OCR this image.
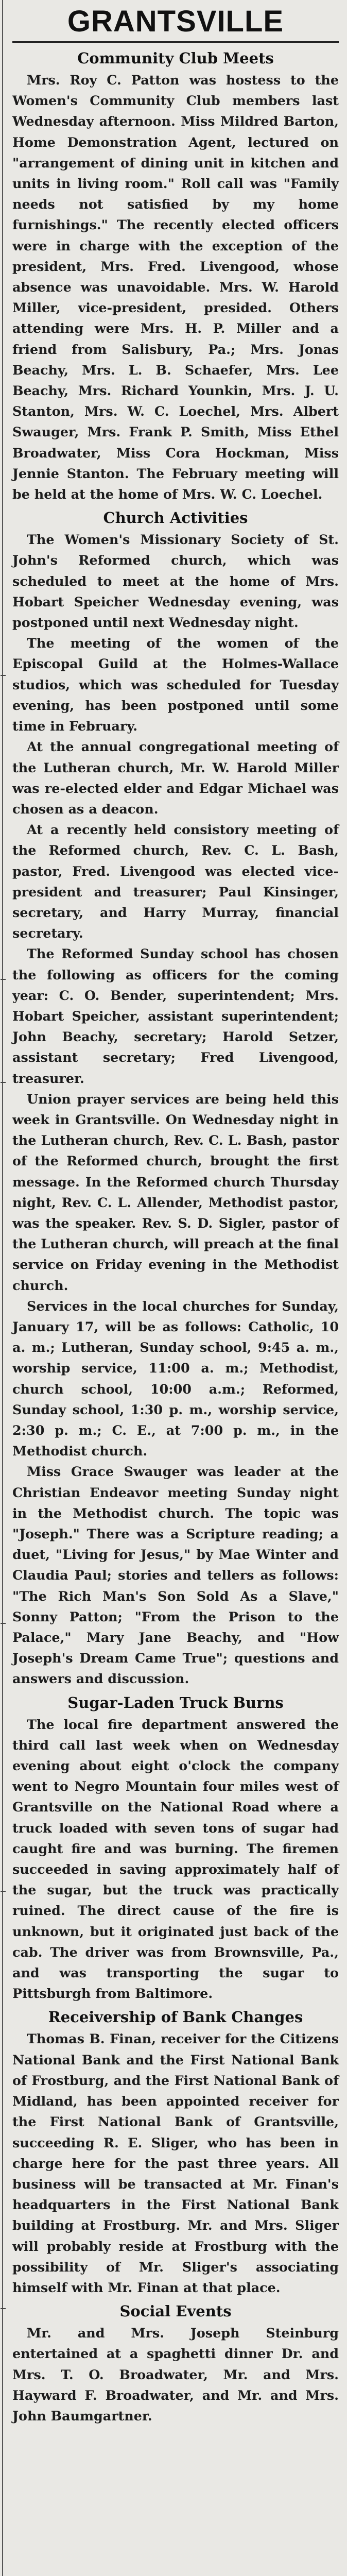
GRANTSVILLE
Community Club Meets

Mrs. Roy C. Patton was hostess to the Women's Community Club members last Wednesday afternoon. Miss Mildred Barton, Home Demonstration Agent, lectured on "arrangement of dining unit in kitchen and units in living room." Roll call was "Family needs not satisfied by my home furnishings." The recently elected officers were in charge with the exception of the president, Mrs. Fred. Livengood, whose absence was unavoidable. Mrs. W. Harold Miller, vice-president, presided. Others attending were Mrs. H. P. Miller and a friend from Salisbury, Pa.; Mrs. Jonas Beachy, Mrs. L. B. Schaefer, Mrs. Lee Beachy, Mrs. Richard Younkin, Mrs. J. U. Stanton, Mrs. W. C. Loechel, Mrs. Albert Swauger, Mrs. Frank P. Smith, Miss Ethel Broadwater, Miss Cora Hockman, Miss Jennie Stanton. The February meeting will be held at the home of Mrs. W. C. Loechel.

Church Activities

The Women's Missionary Society of St. John's Reformed church, which was scheduled to meet at the home of Mrs. Hobart Speicher Wednesday evening, was postponed until next Wednesday night.

The meeting of the women of the Episcopal Guild at the Holmes-Wallace studios, which was scheduled for Tuesday evening, has been postponed until some time in February.

At the annual congregational meeting of the Lutheran church, Mr. W. Harold Miller was re-elected elder and Edgar Michael was chosen as a deacon.

At a recently held consistory meeting of the Reformed church, Rev. C. L. Bash, pastor, Fred. Livengood was elected vice-president and treasurer; Paul Kinsinger, secretary, and Harry Murray, financial secretary.

The Reformed Sunday school has chosen the following as officers for the coming year: C. O. Bender, superintendent; Mrs. Hobart Speicher, assistant superintendent; John Beachy, secretary; Harold Setzer, assistant secretary; Fred Livengood, treasurer.

Union prayer services are being held this week in Grantsville. On Wednesday night in the Lutheran church, Rev. C. L. Bash, pastor of the Reformed church, brought the first message. In the Reformed church Thursday night, Rev. C. L. Allender, Methodist pastor, was the speaker. Rev. S. D. Sigler, pastor of the Lutheran church, will preach at the final service on Friday evening in the Methodist church.

Services in the local churches for Sunday, January 17, will be as follows: Catholic, 10 a. m.; Lutheran, Sunday school, 9:45 a. m., worship service, 11:00 a. m.; Methodist, church school, 10:00 a.m.; Reformed, Sunday school, 1:30 p. m., worship service, 2:30 p. m.; C. E., at 7:00 p. m., in the Methodist church.

Miss Grace Swauger was leader at the Christian Endeavor meeting Sunday night in the Methodist church. The topic was "Joseph." There was a Scripture reading; a duet, "Living for Jesus," by Mae Winter and Claudia Paul; stories and tellers as follows: "The Rich Man's Son Sold As a Slave," Sonny Patton; "From the Prison to the Palace," Mary Jane Beachy, and "How Joseph's Dream Came True"; questions and answers and discussion.

Sugar-Laden Truck Burns

The local fire department answered the third call last week when on Wednesday evening about eight o'clock the company went to Negro Mountain four miles west of Grantsville on the National Road where a truck loaded with seven tons of sugar had caught fire and was burning. The firemen succeeded in saving approximately half of the sugar, but the truck was practically ruined. The direct cause of the fire is unknown, but it originated just back of the cab. The driver was from Brownsville, Pa., and was transporting the sugar to Pittsburgh from Baltimore.

Receivership of Bank Changes

Thomas B. Finan, receiver for the Citizens National Bank and the First National Bank of Frostburg, and the First National Bank of Midland, has been appointed receiver for the First National Bank of Grantsville, succeeding R. E. Sliger, who has been in charge here for the past three years. All business will be transacted at Mr. Finan's headquarters in the First National Bank building at Frostburg. Mr. and Mrs. Sliger will probably reside at Frostburg with the possibility of Mr. Sliger's associating himself with Mr. Finan at that place.

Social Events

Mr. and Mrs. Joseph Steinburg entertained at a spaghetti dinner Dr. and Mrs. T. O. Broadwater, Mr. and Mrs. Hayward F. Broadwater, and Mr. and Mrs. John Baumgartner.
